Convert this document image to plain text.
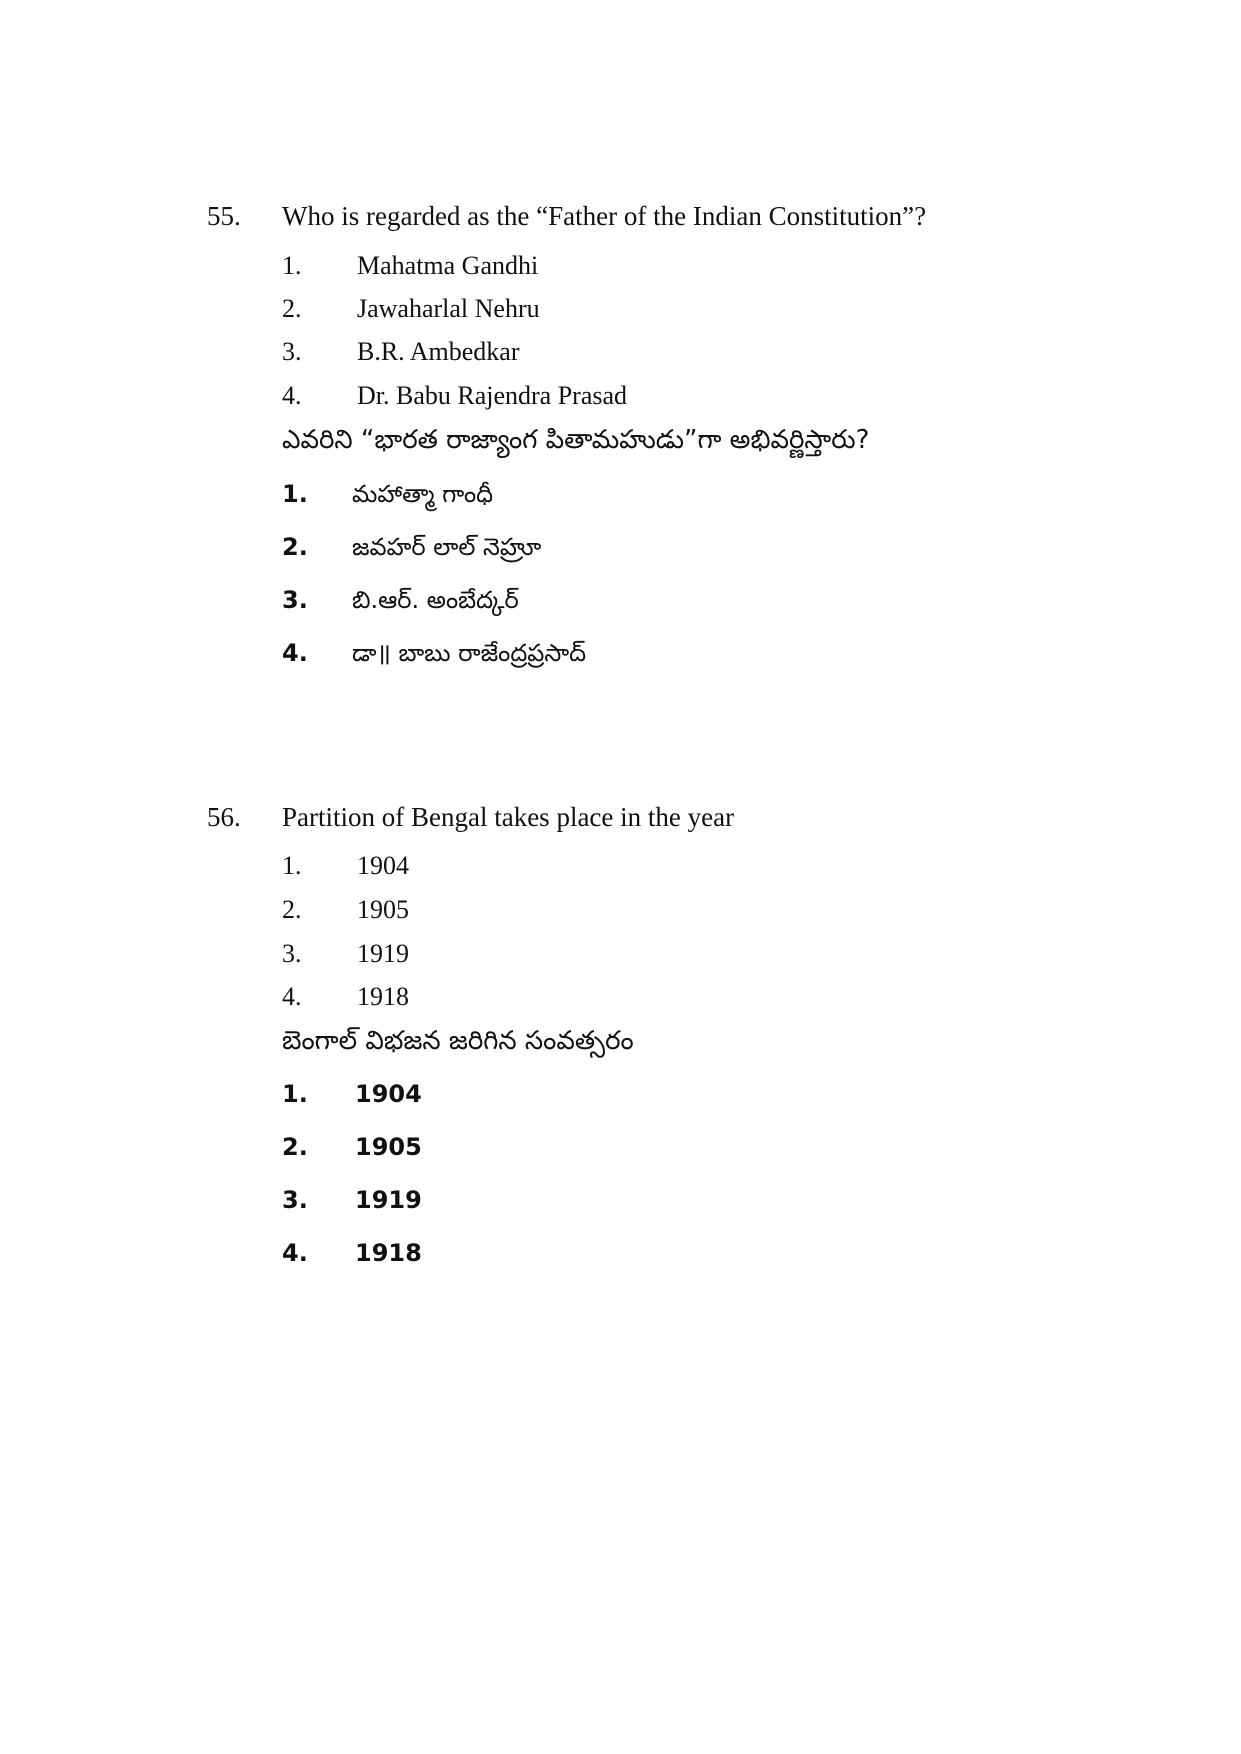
55. Who is regarded as the “Father of the Indian Constitution”?

1. Mahatma Gandhi
2. Jawaharlal Nehru
3. B.R. Ambedkar
4. Dr. Babu Rajendra Prasad

ఎవరిని “భారత రాజ్యాంగ పితామహుడు”గా అభివర్ణిస్తారు?

1. మహాత్మా గాంధీ
2. జవహర్ లాల్ నెహ్రూ
3. బి.ఆర్. అంబేద్కర్
4. డా॥ బాబు రాజేంద్రప్రసాద్

56. Partition of Bengal takes place in the year

1. 1904
2. 1905
3. 1919
4. 1918

బెంగాల్ విభజన జరిగిన సంవత్సరం

1. 1904
2. 1905
3. 1919
4. 1918
